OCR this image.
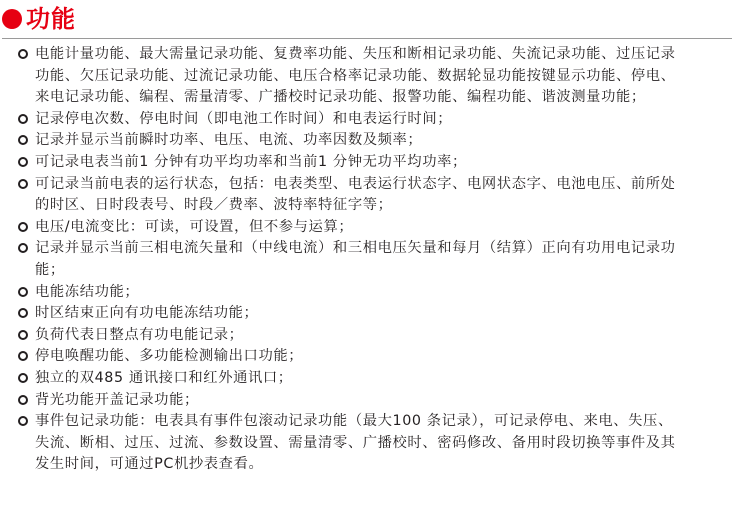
功能
电能计量功能、最大需量记录功能、复费率功能、失压和断相记录功能、失流记录功能、过压记录功能、欠压记录功能、过流记录功能、电压合格率记录功能、数据轮显功能按键显示功能、停电、来电记录功能、编程、需量清零、广播校时记录功能、报警功能、编程功能、谐波测量功能；
记录停电次数、停电时间（即电池工作时间）和电表运行时间；
记录并显示当前瞬时功率、电压、电流、功率因数及频率；
可记录电表当前1 分钟有功平均功率和当前1 分钟无功平均功率；
可记录当前电表的运行状态，包括：电表类型、电表运行状态字、电网状态字、电池电压、前所处的时区、日时段表号、时段／费率、波特率特征字等；
电压/电流变比：可读，可设置，但不参与运算；
记录并显示当前三相电流矢量和（中线电流）和三相电压矢量和每月（结算）正向有功用电记录功能；
电能冻结功能；
时区结束正向有功电能冻结功能；
负荷代表日整点有功电能记录；
停电唤醒功能、多功能检测输出口功能；
独立的双485 通讯接口和红外通讯口；
背光功能开盖记录功能；
事件包记录功能：电表具有事件包滚动记录功能（最大100 条记录），可记录停电、来电、失压、失流、断相、过压、过流、参数设置、需量清零、广播校时、密码修改、备用时段切换等事件及其发生时间，可通过PC机抄表查看。
